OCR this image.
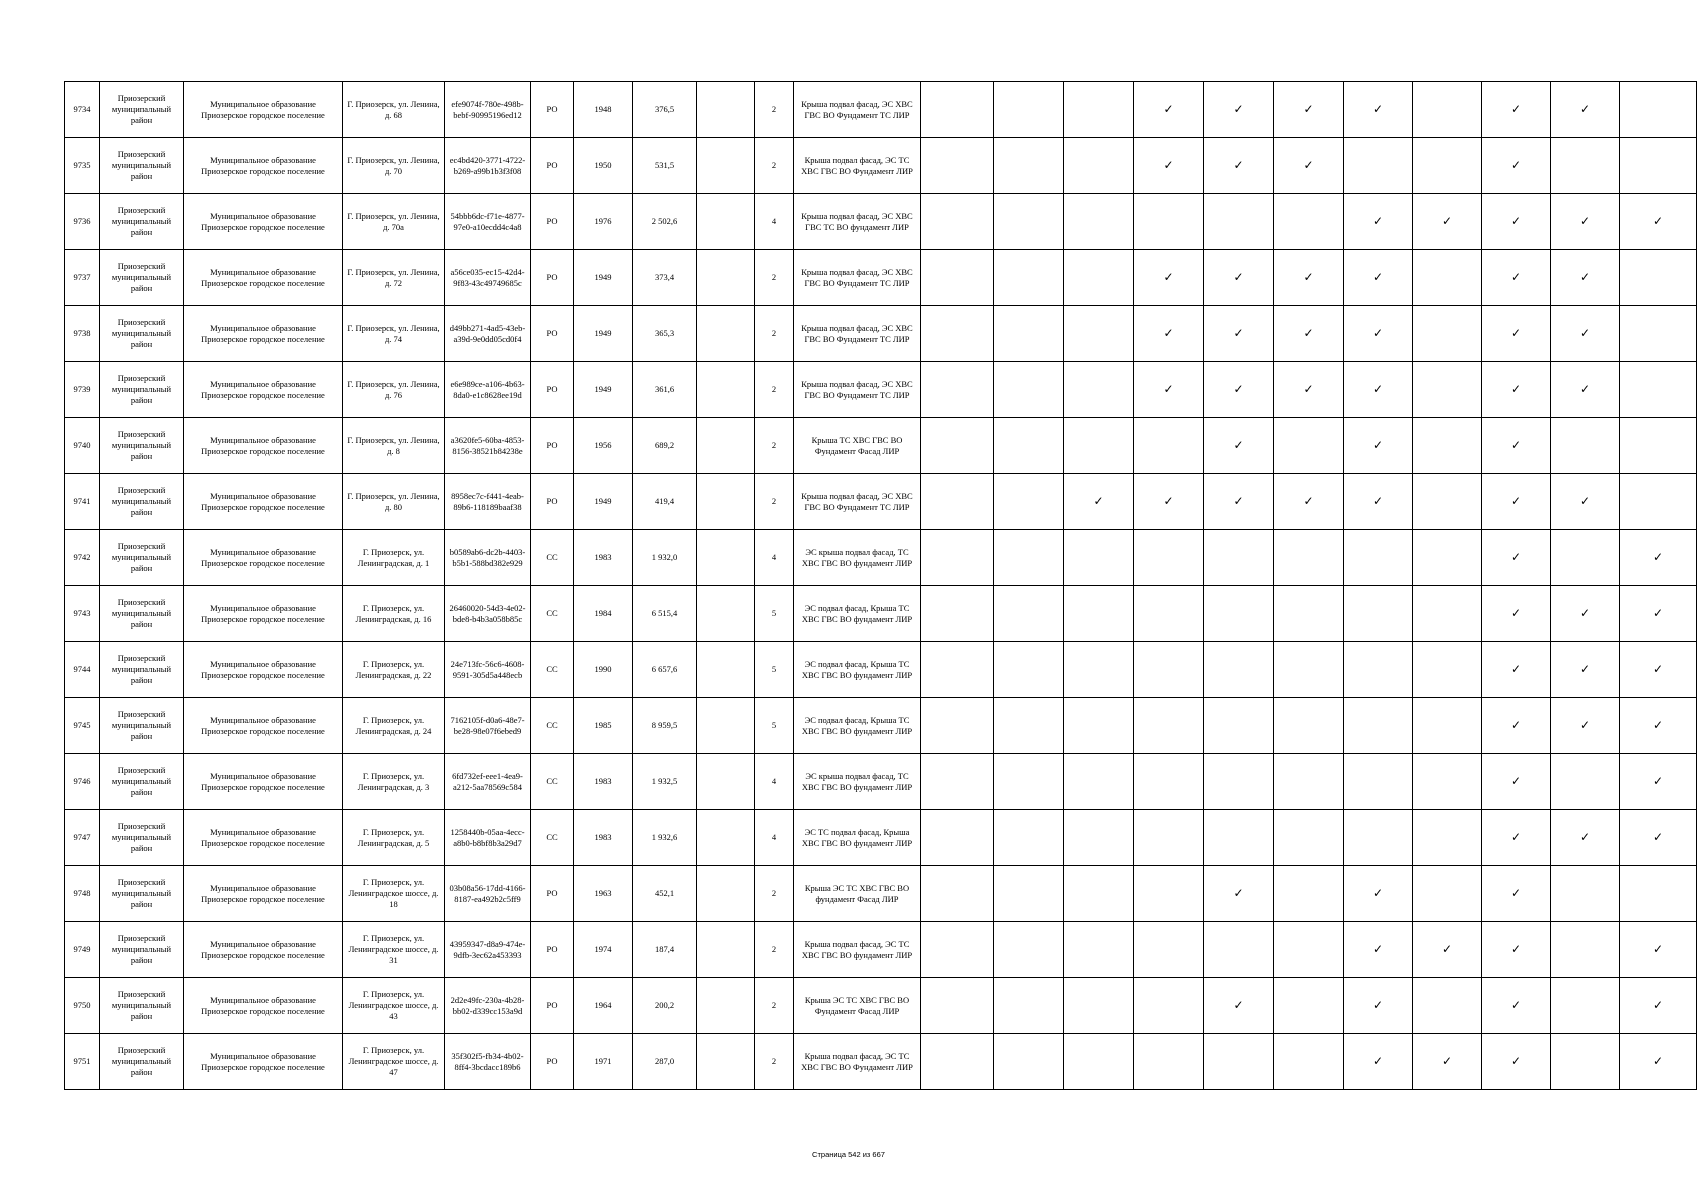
9734	Приозерский муниципальный район	Муниципальное образование Приозерское городское поселение	Г. Приозерск, ул. Ленина, д. 68	efe9074f-780e-498b-bebf-90995196ed12	РО	1948	376,5		2	Крыша подвал фасад, ЭС ХВС ГВС ВО Фундамент ТС ЛИР				✓	✓	✓	✓		✓	✓	
9735	Приозерский муниципальный район	Муниципальное образование Приозерское городское поселение	Г. Приозерск, ул. Ленина, д. 70	ec4bd420-3771-4722-b269-a99b1b3f3f08	РО	1950	531,5		2	Крыша подвал фасад, ЭС ТС ХВС ГВС ВО Фундамент ЛИР				✓	✓	✓			✓		
9736	Приозерский муниципальный район	Муниципальное образование Приозерское городское поселение	Г. Приозерск, ул. Ленина, д. 70а	54bbb6dc-f71e-4877-97e0-a10ecdd4c4a8	РО	1976	2 502,6		4	Крыша подвал фасад, ЭС ХВС ГВС ТС ВО фундамент ЛИР							✓	✓	✓	✓	✓
9737	Приозерский муниципальный район	Муниципальное образование Приозерское городское поселение	Г. Приозерск, ул. Ленина, д. 72	a56ce035-ec15-42d4-9f83-43c49749685c	РО	1949	373,4		2	Крыша подвал фасад, ЭС ХВС ГВС ВО Фундамент ТС ЛИР				✓	✓	✓	✓		✓	✓	
9738	Приозерский муниципальный район	Муниципальное образование Приозерское городское поселение	Г. Приозерск, ул. Ленина, д. 74	d49bb271-4ad5-43eb-a39d-9e0dd05cd0f4	РО	1949	365,3		2	Крыша подвал фасад, ЭС ХВС ГВС ВО Фундамент ТС ЛИР				✓	✓	✓	✓		✓	✓	
9739	Приозерский муниципальный район	Муниципальное образование Приозерское городское поселение	Г. Приозерск, ул. Ленина, д. 76	e6e989ce-a106-4b63-8da0-e1c8628ee19d	РО	1949	361,6		2	Крыша подвал фасад, ЭС ХВС ГВС ВО Фундамент ТС ЛИР				✓	✓	✓	✓		✓	✓	
9740	Приозерский муниципальный район	Муниципальное образование Приозерское городское поселение	Г. Приозерск, ул. Ленина, д. 8	a3620fe5-60ba-4853-8156-38521b84238e	РО	1956	689,2		2	Крыша ТС ХВС ГВС ВО Фундамент Фасад ЛИР					✓		✓		✓		
9741	Приозерский муниципальный район	Муниципальное образование Приозерское городское поселение	Г. Приозерск, ул. Ленина, д. 80	8958ec7c-f441-4eab-89b6-118189baaf38	РО	1949	419,4		2	Крыша подвал фасад, ЭС ХВС ГВС ВО Фундамент ТС ЛИР			✓	✓	✓	✓	✓		✓	✓	
9742	Приозерский муниципальный район	Муниципальное образование Приозерское городское поселение	Г. Приозерск, ул. Ленинградская, д. 1	b0589ab6-dc2b-4403-b5b1-588bd382e929	СС	1983	1 932,0		4	ЭС крыша подвал фасад, ТС ХВС ГВС ВО фундамент ЛИР									✓		✓
9743	Приозерский муниципальный район	Муниципальное образование Приозерское городское поселение	Г. Приозерск, ул. Ленинградская, д. 16	26460020-54d3-4e02-bde8-b4b3a058b85c	СС	1984	6 515,4		5	ЭС подвал фасад, Крыша ТС ХВС ГВС ВО фундамент ЛИР									✓	✓	✓
9744	Приозерский муниципальный район	Муниципальное образование Приозерское городское поселение	Г. Приозерск, ул. Ленинградская, д. 22	24e713fc-56c6-4608-9591-305d5a448ecb	СС	1990	6 657,6		5	ЭС подвал фасад, Крыша ТС ХВС ГВС ВО фундамент ЛИР									✓	✓	✓
9745	Приозерский муниципальный район	Муниципальное образование Приозерское городское поселение	Г. Приозерск, ул. Ленинградская, д. 24	7162105f-d0a6-48e7-be28-98e07f6ebed9	СС	1985	8 959,5		5	ЭС подвал фасад, Крыша ТС ХВС ГВС ВО фундамент ЛИР									✓	✓	✓
9746	Приозерский муниципальный район	Муниципальное образование Приозерское городское поселение	Г. Приозерск, ул. Ленинградская, д. 3	6fd732ef-eee1-4ea9-a212-5aa78569c584	СС	1983	1 932,5		4	ЭС крыша подвал фасад, ТС ХВС ГВС ВО фундамент ЛИР									✓		✓
9747	Приозерский муниципальный район	Муниципальное образование Приозерское городское поселение	Г. Приозерск, ул. Ленинградская, д. 5	1258440b-05aa-4ecc-a8b0-b8bf8b3a29d7	СС	1983	1 932,6		4	ЭС ТС подвал фасад, Крыша ХВС ГВС ВО фундамент ЛИР									✓	✓	✓
9748	Приозерский муниципальный район	Муниципальное образование Приозерское городское поселение	Г. Приозерск, ул. Ленинградское шоссе, д. 18	03b08a56-17dd-4166-8187-ea492b2c5ff9	РО	1963	452,1		2	Крыша ЭС ТС ХВС ГВС ВО фундамент Фасад ЛИР					✓		✓		✓		
9749	Приозерский муниципальный район	Муниципальное образование Приозерское городское поселение	Г. Приозерск, ул. Ленинградское шоссе, д. 31	43959347-d8a9-474e-9dfb-3ec62a453393	РО	1974	187,4		2	Крыша подвал фасад, ЭС ТС ХВС ГВС ВО фундамент ЛИР							✓	✓	✓		✓
9750	Приозерский муниципальный район	Муниципальное образование Приозерское городское поселение	Г. Приозерск, ул. Ленинградское шоссе, д. 43	2d2e49fc-230a-4b28-bb02-d339cc153a9d	РО	1964	200,2		2	Крыша ЭС ТС ХВС ГВС ВО Фундамент Фасад ЛИР					✓		✓		✓		✓
9751	Приозерский муниципальный район	Муниципальное образование Приозерское городское поселение	Г. Приозерск, ул. Ленинградское шоссе, д. 47	35f302f5-fb34-4b02-8ff4-3bcdacc189b6	РО	1971	287,0		2	Крыша подвал фасад, ЭС ТС ХВС ГВС ВО Фундамент ЛИР							✓	✓	✓		✓
Страница 542 из 667
